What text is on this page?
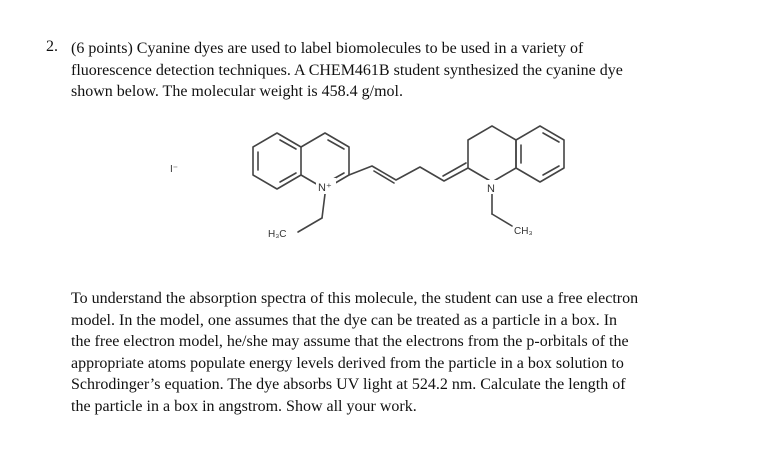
2. (6 points) Cyanine dyes are used to label biomolecules to be used in a variety of
fluorescence detection techniques. A CHEM461B student synthesized the cyanine dye
shown below. The molecular weight is 458.4 g/mol.
I⁻
N⁺	N
H₃C	CH₃
To understand the absorption spectra of this molecule, the student can use a free electron
model. In the model, one assumes that the dye can be treated as a particle in a box. In
the free electron model, he/she may assume that the electrons from the p-orbitals of the
appropriate atoms populate energy levels derived from the particle in a box solution to
Schrodinger’s equation. The dye absorbs UV light at 524.2 nm. Calculate the length of
the particle in a box in angstrom. Show all your work.
